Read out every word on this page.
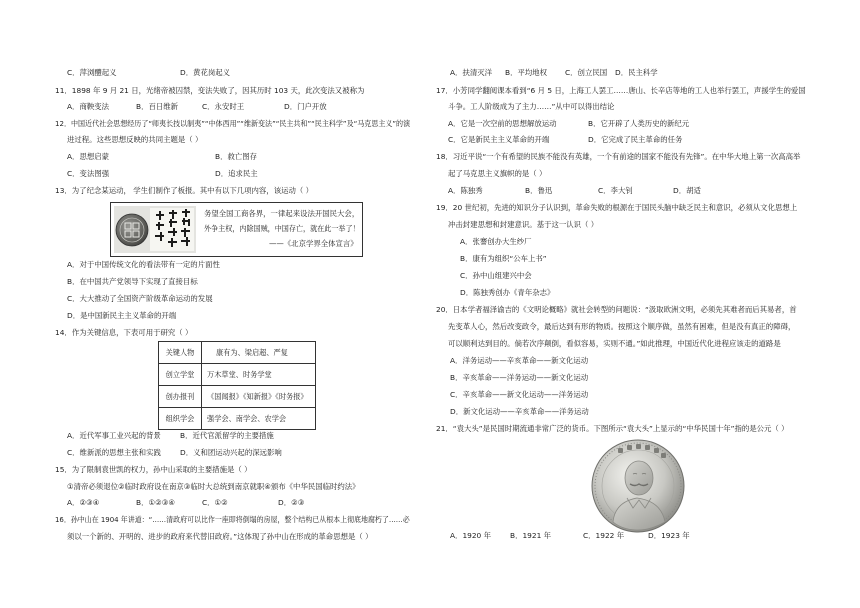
C．萍浏醴起义	D．黄花岗起义
11．1898 年 9 月 21 日，光绪帝被囚禁，变法失败了，因其历时 103 天，此次变法又被称为
A．商鞅变法	B．百日维新	C．永安时王	D．门户开放
12．中国近代社会思想经历了“师夷长技以制夷”“中体西用”“维新变法”“民主共和”“民主科学”及“马克思主义”的演
进过程。这些思想反映的共同主题是（ ）
A．思想启蒙	B．救亡图存
C．变法图强	D．追求民主
13．为了纪念某运动， 学生们制作了板报。其中有以下几项内容，该运动（ ）
务望全国工商各界，一律起来设法开国民大会，
外争主权，内除国贼，中国存亡，就在此一举了！
——《北京学界全体宣言》
A．对于中国传统文化的看法带有一定的片面性
B．在中国共产党领导下实现了直接目标
C．大大推动了全国资产阶级革命运动的发展
D．是中国新民主主义革命的开端
14．作为关键信息，下表可用于研究（ ）
关键人物	康有为、梁启超、严复
创立学堂	万木草堂、时务学堂
创办报刊	《国闻报》《知新报》《时务报》
组织学会	强学会、南学会、农学会
A．近代军事工业兴起的背景	B．近代官派留学的主要措施
C．维新派的思想主张和实践	D．义和团运动兴起的深远影响
15．为了限制袁世凯的权力，孙中山采取的主要措施是（ ）
①清帝必须退位②临时政府设在南京③临时大总统到南京就职④颁布《中华民国临时约法》
A．②③④	B．①②③④	C．①②	D．②③
16．孙中山在 1904 年讲道：“……清政府可以比作一座即将倒塌的房屋，整个结构已从根本上彻底地腐朽了……必
须以一个新的、开明的、进步的政府来代替旧政府。”这体现了孙中山在形成的革命思想是（ ）
A．扶清灭洋 B．平均地权 C．创立民国 D．民主科学
17．小芳同学翻阅课本看到“6 月 5 日，上海工人罢工……唐山、长辛店等地的工人也举行罢工，声援学生的爱国
斗争。工人阶级成为了主力……”从中可以得出结论
A．它是一次空前的思想解放运动	B．它开辟了人类历史的新纪元
C．它是新民主主义革命的开端	D．它完成了民主革命的任务
18．习近平说“一个有希望的民族不能没有英雄，一个有前途的国家不能没有先锋”。在中华大地上第一次高高举
起了马克思主义旗帜的是（ ）
A．陈独秀	B．鲁迅	C．李大钊	D．胡适
19．20 世纪初，先进的知识分子认识到，革命失败的根源在于国民头脑中缺乏民主和意识，必须从文化思想上
冲击封建思想和封建意识。基于这一认识（ ）
A．张謇创办大生纱厂
B．康有为组织“公车上书”
C．孙中山组建兴中会
D．陈独秀创办《青年杂志》
20．日本学者福泽谕吉的《文明论概略》就社会转型的问题说：“汲取欧洲文明，必须先其难者而后其易者，首
先变革人心，然后改变政令，最后达到有形的物质。按照这个顺序做，虽然有困难，但是没有真正的障碍，
可以顺利达到目的。倘若次序颠倒，看似容易，实则不通。”如此推理，中国近代化进程应该走的道路是
A．洋务运动——辛亥革命——新文化运动
B．辛亥革命——洋务运动——新文化运动
C．辛亥革命——新文化运动——洋务运动
D．新文化运动——辛亥革命——洋务运动
21．“袁大头”是民国时期流通非常广泛的货币。下图所示“袁大头”上显示的“中华民国十年”指的是公元（ ）
A．1920 年	B．1921 年	C．1922 年	D．1923 年
